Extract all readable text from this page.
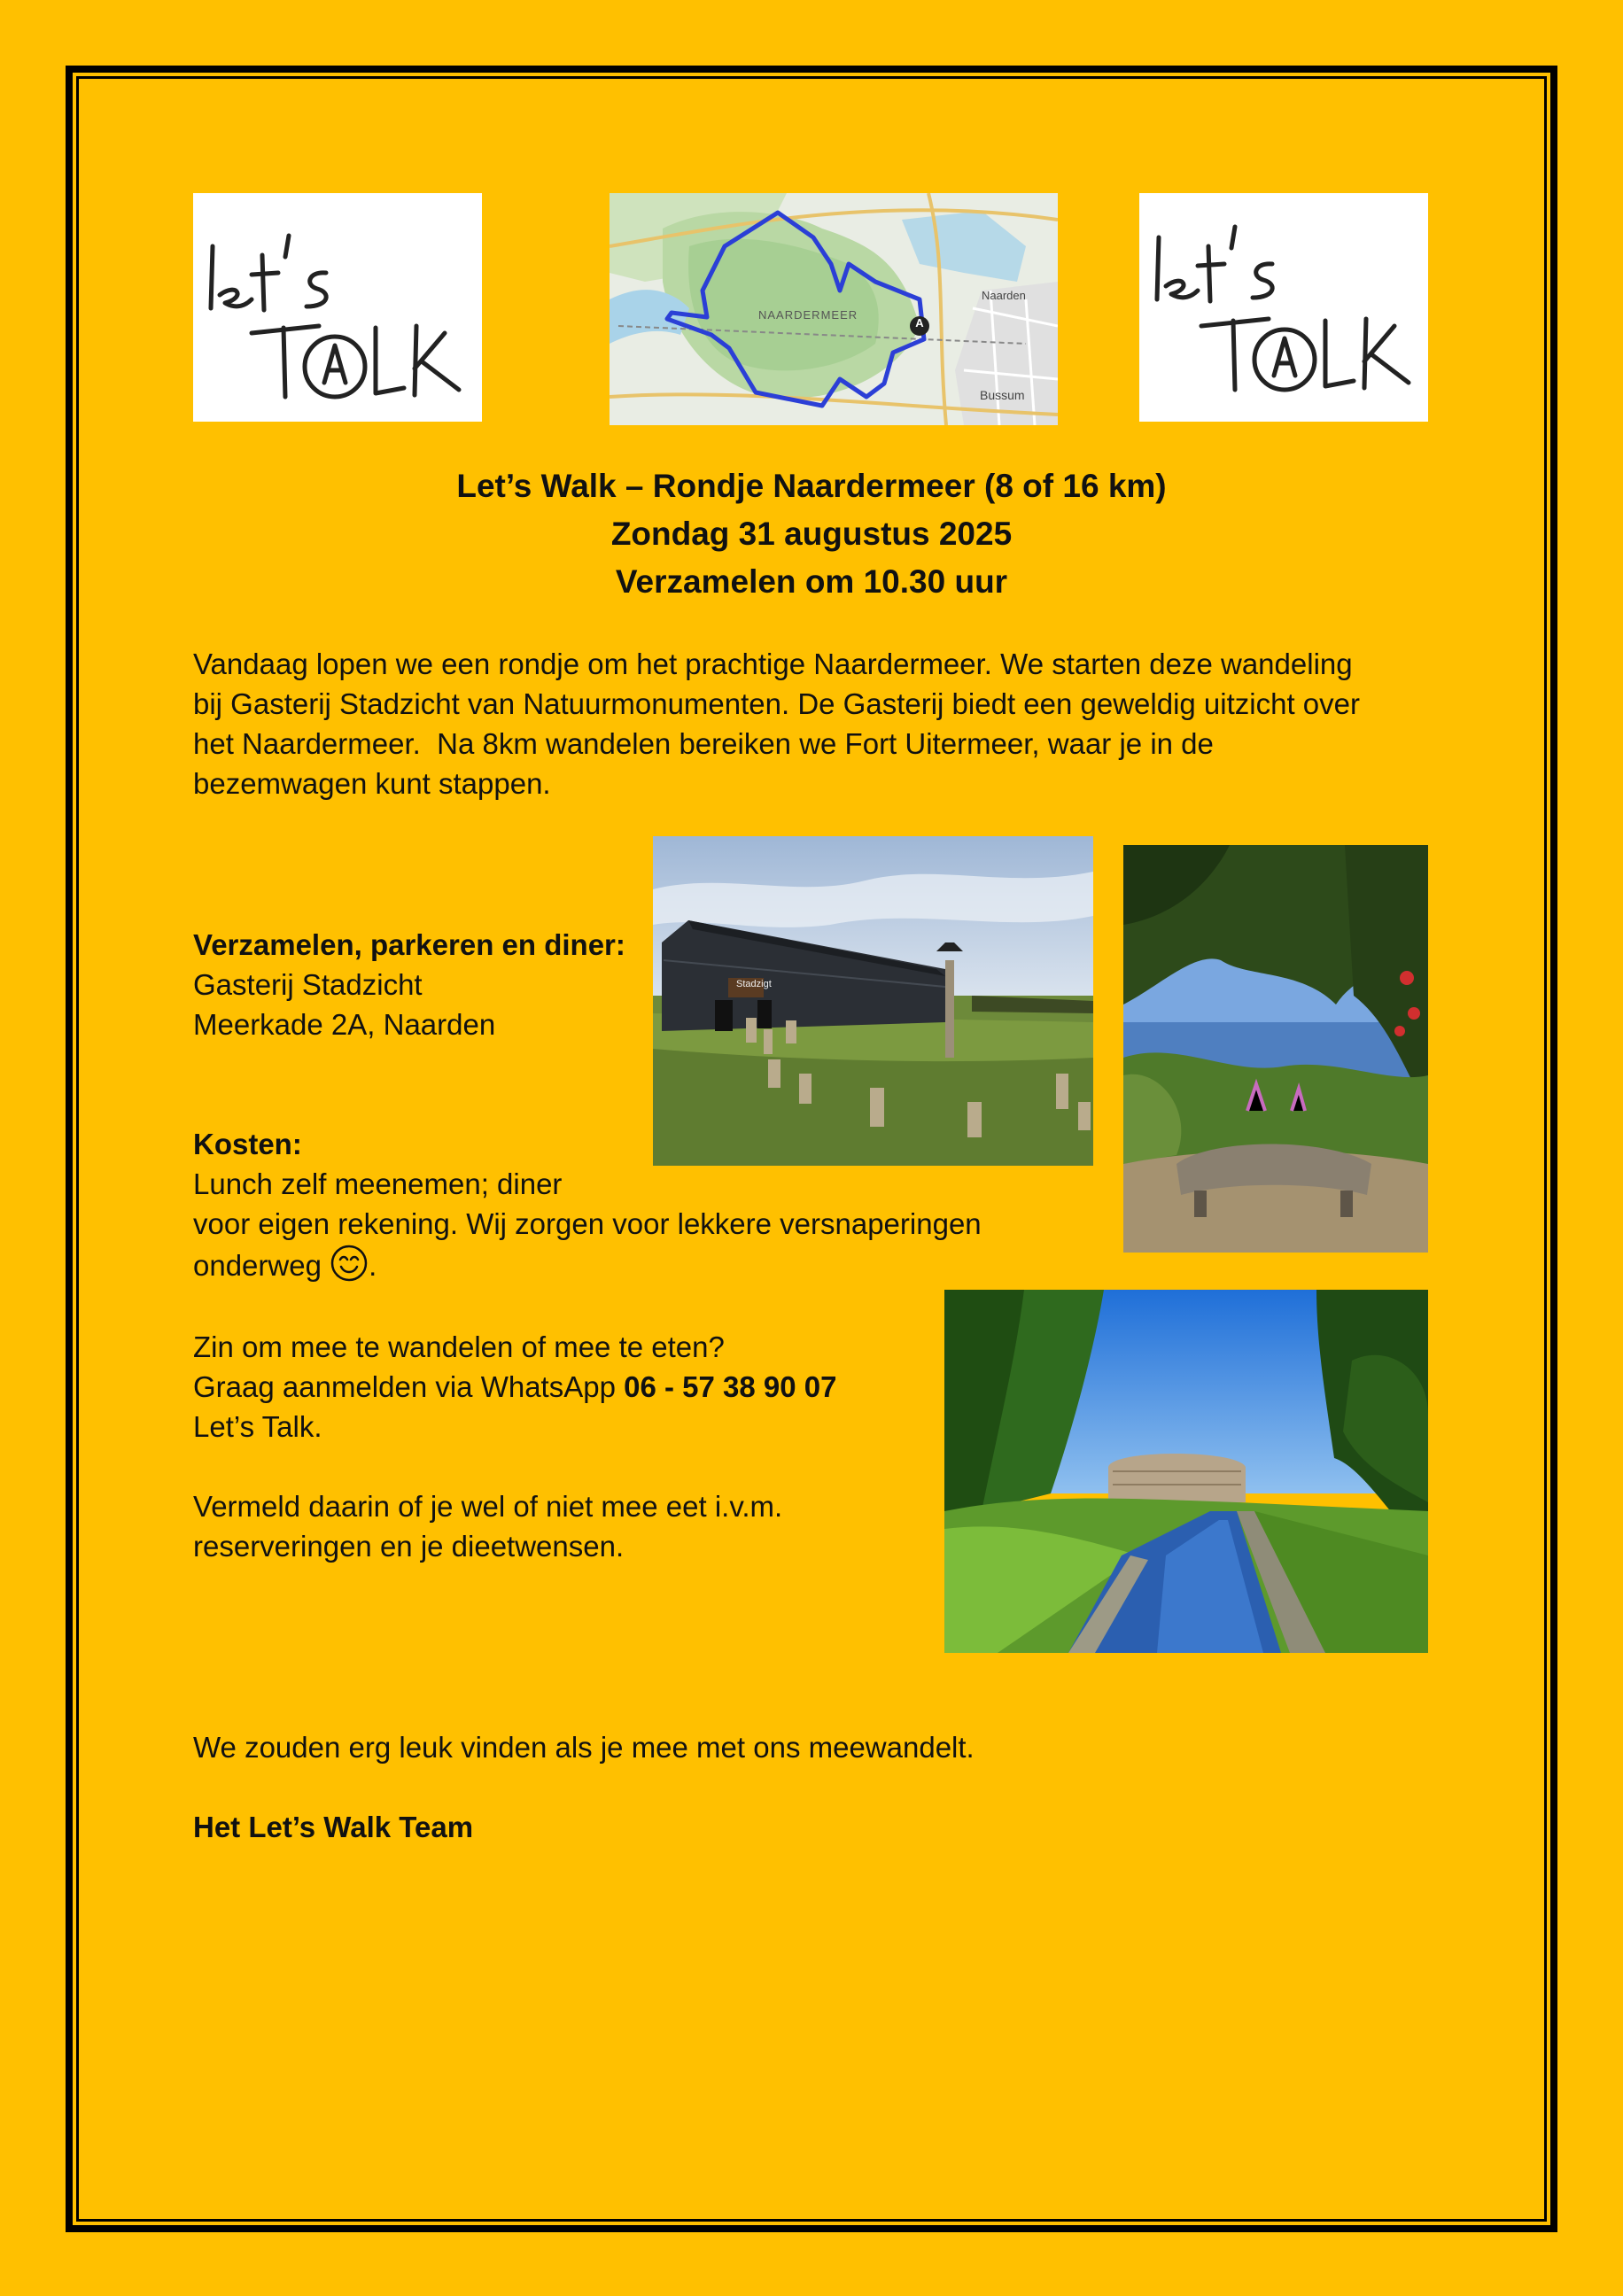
A
NAARDERMEER
Naarden
Bussum
Let’s Walk – Rondje Naardermeer (8 of 16 km)
Zondag 31 augustus 2025
Verzamelen om 10.30 uur
Vandaag lopen we een rondje om het prachtige Naardermeer. We starten deze wandeling
bij Gasterij Stadzicht van Natuurmonumenten. De Gasterij biedt een geweldig uitzicht over
het Naardermeer.  Na 8km wandelen bereiken we Fort Uitermeer, waar je in de
bezemwagen kunt stappen.
Stadzigt
Verzamelen, parkeren en diner:
Gasterij Stadzicht
Meerkade 2A, Naarden
Kosten:
Lunch zelf meenemen; diner
voor eigen rekening. Wij zorgen voor lekkere versnaperingen
onderweg .
Zin om mee te wandelen of mee te eten?
Graag aanmelden via WhatsApp 06 - 57 38 90 07
Let’s Talk.
Vermeld daarin of je wel of niet mee eet i.v.m.
reserveringen en je dieetwensen.
We zouden erg leuk vinden als je mee met ons meewandelt.
Het Let’s Walk Team
